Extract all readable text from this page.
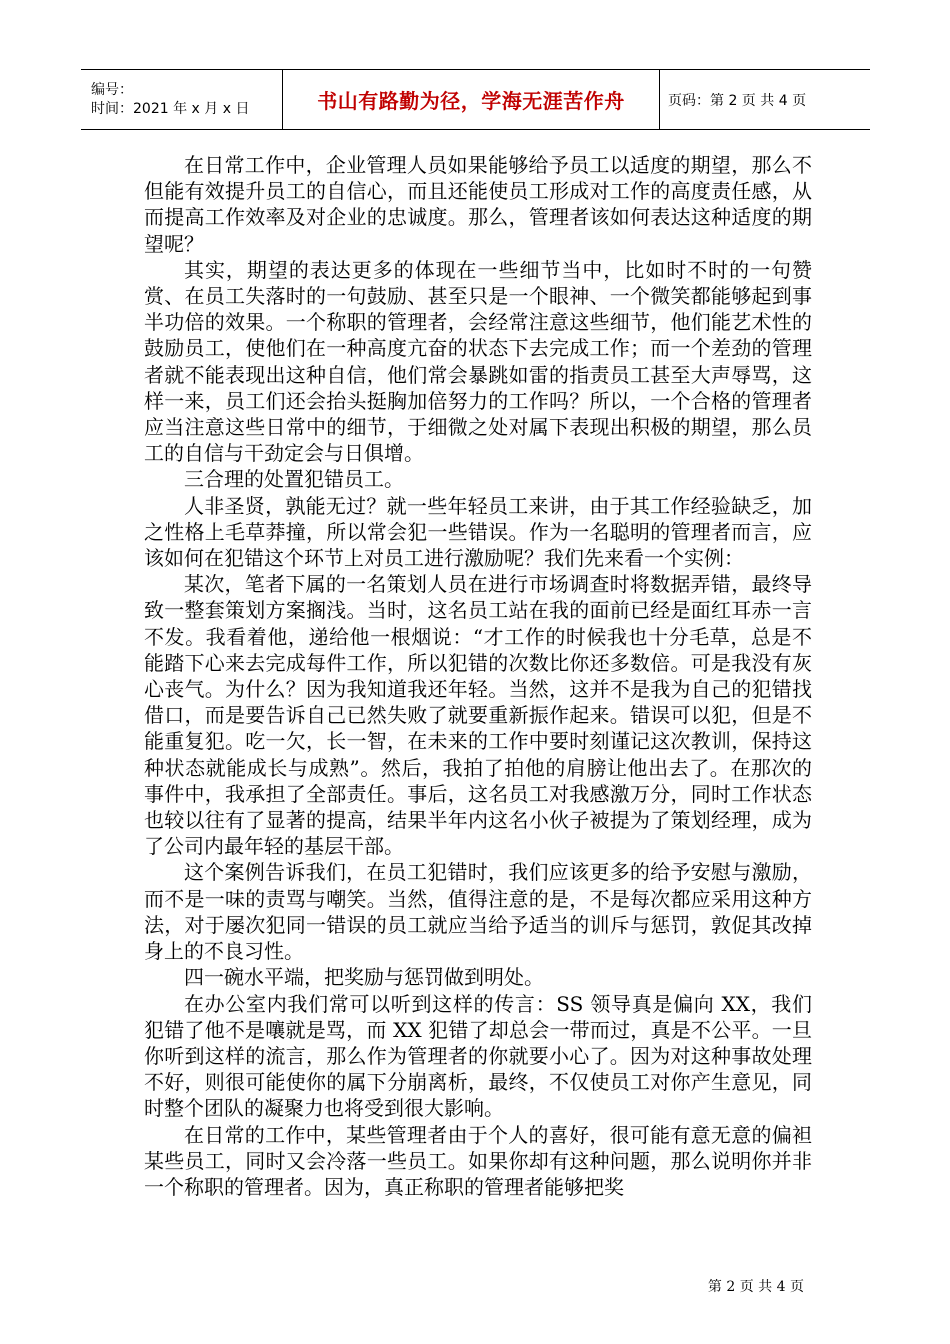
编号：
时间：2021 年 x 月 x 日	书山有路勤为径，学海无涯苦作舟	页码：第 2 页 共 4 页

在日常工作中，企业管理人员如果能够给予员工以适度的期望，那么不但能有效提升员工的自信心，而且还能使员工形成对工作的高度责任感，从而提高工作效率及对企业的忠诚度。那么，管理者该如何表达这种适度的期望呢？

其实，期望的表达更多的体现在一些细节当中，比如时不时的一句赞赏、在员工失落时的一句鼓励、甚至只是一个眼神、一个微笑都能够起到事半功倍的效果。一个称职的管理者，会经常注意这些细节，他们能艺术性的鼓励员工，使他们在一种高度亢奋的状态下去完成工作；而一个差劲的管理者就不能表现出这种自信，他们常会暴跳如雷的指责员工甚至大声辱骂，这样一来，员工们还会抬头挺胸加倍努力的工作吗？所以，一个合格的管理者应当注意这些日常中的细节，于细微之处对属下表现出积极的期望，那么员工的自信与干劲定会与日俱增。

三合理的处置犯错员工。

人非圣贤，孰能无过？就一些年轻员工来讲，由于其工作经验缺乏，加之性格上毛草莽撞，所以常会犯一些错误。作为一名聪明的管理者而言，应该如何在犯错这个环节上对员工进行激励呢？我们先来看一个实例：

某次，笔者下属的一名策划人员在进行市场调查时将数据弄错，最终导致一整套策划方案搁浅。当时，这名员工站在我的面前已经是面红耳赤一言不发。我看着他，递给他一根烟说：“才工作的时候我也十分毛草，总是不能踏下心来去完成每件工作，所以犯错的次数比你还多数倍。可是我没有灰心丧气。为什么？因为我知道我还年轻。当然，这并不是我为自己的犯错找借口，而是要告诉自己已然失败了就要重新振作起来。错误可以犯，但是不能重复犯。吃一欠，长一智，在未来的工作中要时刻谨记这次教训，保持这种状态就能成长与成熟”。然后，我拍了拍他的肩膀让他出去了。在那次的事件中，我承担了全部责任。事后，这名员工对我感激万分，同时工作状态也较以往有了显著的提高，结果半年内这名小伙子被提为了策划经理，成为了公司内最年轻的基层干部。

这个案例告诉我们，在员工犯错时，我们应该更多的给予安慰与激励，而不是一味的责骂与嘲笑。当然，值得注意的是，不是每次都应采用这种方法，对于屡次犯同一错误的员工就应当给予适当的训斥与惩罚，敦促其改掉身上的不良习性。

四一碗水平端，把奖励与惩罚做到明处。

在办公室内我们常可以听到这样的传言：SS 领导真是偏向 XX，我们犯错了他不是嚷就是骂，而 XX 犯错了却总会一带而过，真是不公平。一旦你听到这样的流言，那么作为管理者的你就要小心了。因为对这种事故处理不好，则很可能使你的属下分崩离析，最终，不仅使员工对你产生意见，同时整个团队的凝聚力也将受到很大影响。

在日常的工作中，某些管理者由于个人的喜好，很可能有意无意的偏袒某些员工，同时又会冷落一些员工。如果你却有这种问题，那么说明你并非一个称职的管理者。因为，真正称职的管理者能够把奖

第 2 页 共 4 页
